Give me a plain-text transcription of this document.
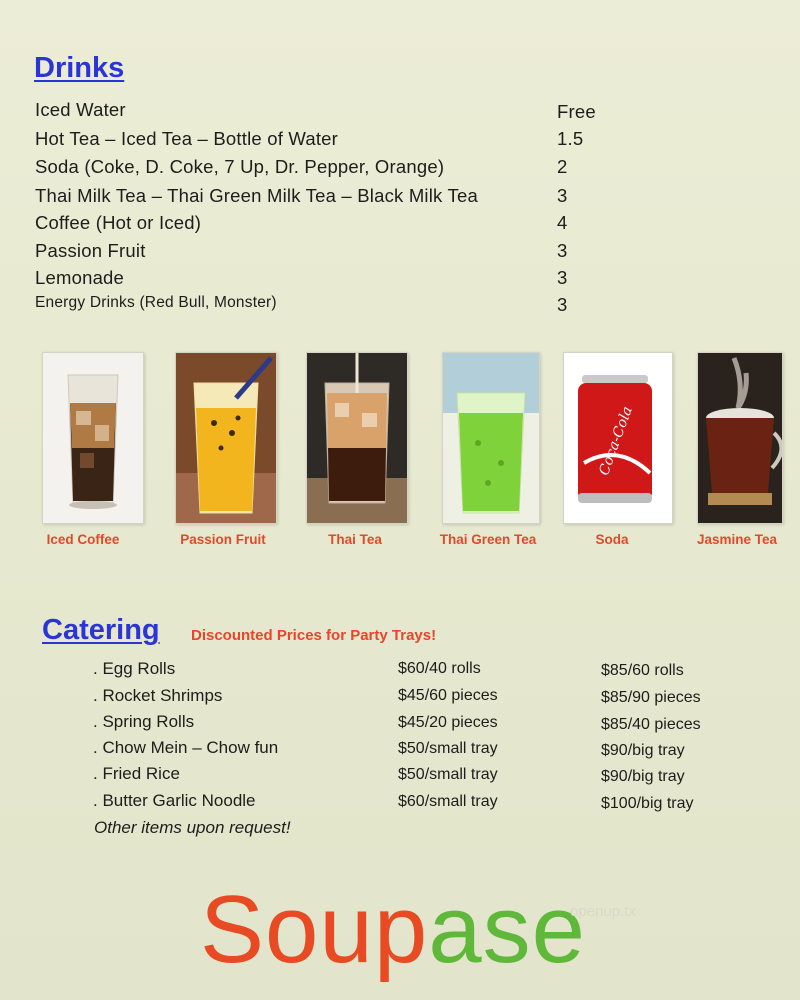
Drinks
Iced Water	Free
Hot Tea – Iced Tea – Bottle of Water	1.5
Soda (Coke, D. Coke, 7 Up, Dr. Pepper, Orange)	2
Thai Milk Tea – Thai Green Milk Tea – Black Milk Tea	3
Coffee (Hot or Iced)	4
Passion Fruit	3
Lemonade	3
Energy Drinks (Red Bull, Monster)	3
Coca-Cola
Iced Coffee	Passion Fruit	Thai Tea	Thai Green Tea	Soda	Jasmine Tea
Catering Discounted Prices for Party Trays!
. Egg Rolls	$60/40 rolls	$85/60 rolls
. Rocket Shrimps	$45/60 pieces	$85/90 pieces
. Spring Rolls	$45/20 pieces	$85/40 pieces
. Chow Mein – Chow fun	$50/small tray	$90/big tray
. Fried Rice	$50/small tray	$90/big tray
. Butter Garlic Noodle	$60/small tray	$100/big tray
Other items upon request!
Soupase
openup.tx
